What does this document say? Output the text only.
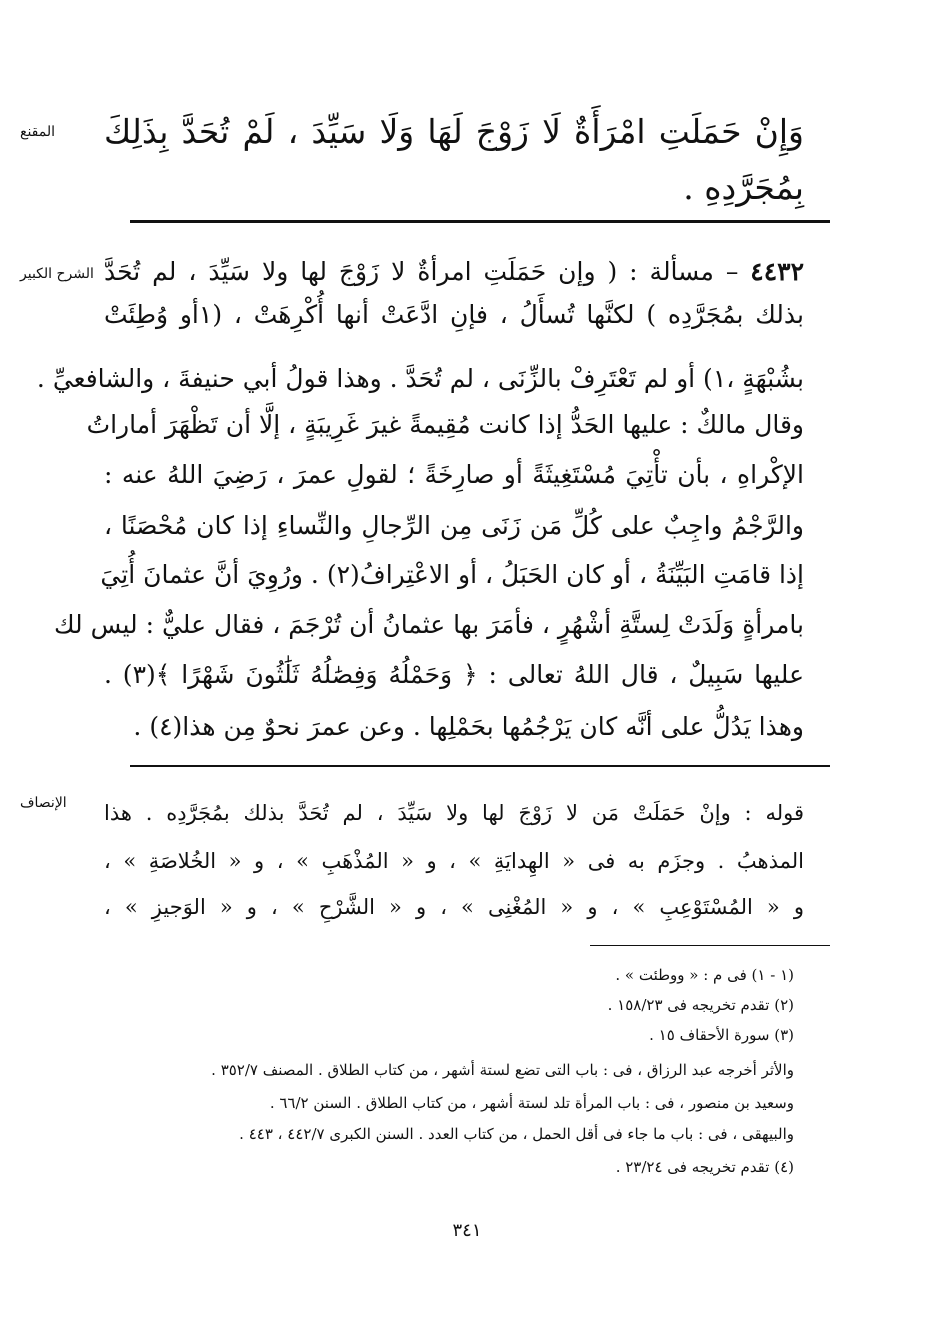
المقنع
الشرح الكبير
الإنصاف
وَإِنْ حَمَلَتِ امْرَأَةٌ لَا زَوْجَ لَهَا وَلَا سَيِّدَ ، لَمْ تُحَدَّ بِذَلِكَ
بِمُجَرَّدِهِ .
٤٤٣٢ – مسألة : ( وإن حَمَلَتِ امرأةٌ لا زَوْجَ لها ولا سَيِّدَ ، لم تُحَدَّ
بذلك بمُجَرَّدِه ) لكنَّها تُسأَلُ ، فإنِ ادَّعَتْ أنها أُكْرِهَتْ ، (١أو وُطِئَتْ
بشُبْهَةٍ ،١) أو لم تَعْتَرِفْ بالزِّنَى ، لم تُحَدَّ . وهذا قولُ أبي حنيفةَ ، والشافعيِّ .
وقال مالكٌ : عليها الحَدُّ إذا كانت مُقِيمةً غيرَ غَرِيبَةٍ ، إلَّا أن تَظْهَرَ أماراتُ
الإكْراهِ ، بأن تأْتِيَ مُسْتَغِيثَةً أو صارِخَةً ؛ لقولِ عمرَ ، رَضِيَ اللهُ عنه :
والرَّجْمُ واجِبٌ على كُلِّ مَن زَنَى مِن الرِّجالِ والنِّساءِ إذا كان مُحْصَنًا ،
إذا قامَتِ البَيِّنَةُ ، أو كان الحَبَلُ ، أو الاعْتِرافُ(٢) . ورُوِيَ أنَّ عثمانَ أُتِيَ
بامرأةٍ وَلَدَتْ لِستَّةِ أشْهُرٍ ، فأمَرَ بها عثمانُ أن تُرْجَمَ ، فقال عليٌّ : ليس لك
عليها سَبِيلٌ ، قال اللهُ تعالى : ﴿ وَحَمْلُهُ وَفِصَٰلُهُ ثَلَٰثُونَ شَهْرًا ﴾(٣) .
وهذا يَدُلُّ على أنَّه كان يَرْجُمُها بحَمْلِها . وعن عمرَ نحوٌ مِن هذا(٤) .
قوله : وإنْ حَمَلَتْ مَن لا زَوْجَ لها ولا سَيِّدَ ، لم تُحَدَّ بذلك بمُجَرَّدِه . هذا
المذهبُ . وجزَم به فى « الهِدايَةِ » ، و « المُذْهَبِ » ، و « الخُلاصَةِ » ،
و « المُسْتَوْعِبِ » ، و « المُغْنِى » ، و « الشَّرْحِ » ، و « الوَجيزِ » ،
(١ - ١) فى م : « ووطئت » .
(٢) تقدم تخريجه فى ١٥٨/٢٣ .
(٣) سورة الأحقاف ١٥ .
والأثر أخرجه عبد الرزاق ، فى : باب التى تضع لستة أشهر ، من كتاب الطلاق . المصنف ٣٥٢/٧ .
وسعيد بن منصور ، فى : باب المرأة تلد لستة أشهر ، من كتاب الطلاق . السنن ٦٦/٢ .
والبيهقى ، فى : باب ما جاء فى أقل الحمل ، من كتاب العدد . السنن الكبرى ٤٤٢/٧ ، ٤٤٣ .
(٤) تقدم تخريجه فى ٢٣/٢٤ .
٣٤١
